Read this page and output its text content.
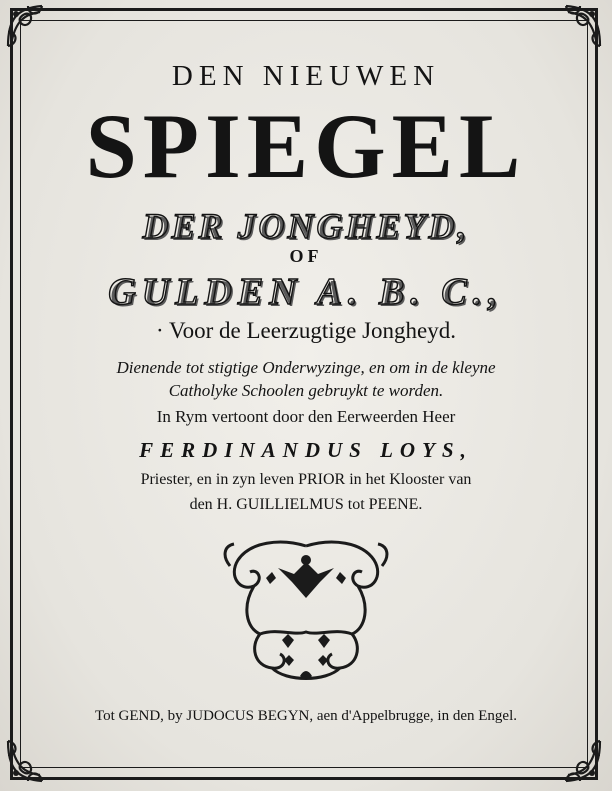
DEN NIEUWEN
SPIEGEL
DER JONGHEYD,
OF
GULDEN A. B. C.,
· Voor de Leerzugtige Jongheyd.
Dienende tot stigtige Onderwyzinge, en om in de kleyne
Catholyke Schoolen gebruykt te worden.
In Rym vertoont door den Eerweerden Heer
FERDINANDUS LOYS,
Priester, en in zyn leven PRIOR in het Klooster van
den H. GUILLIELMUS tot PEENE.
Tot GEND, by JUDOCUS BEGYN, aen d'Appelbrugge, in den Engel.
